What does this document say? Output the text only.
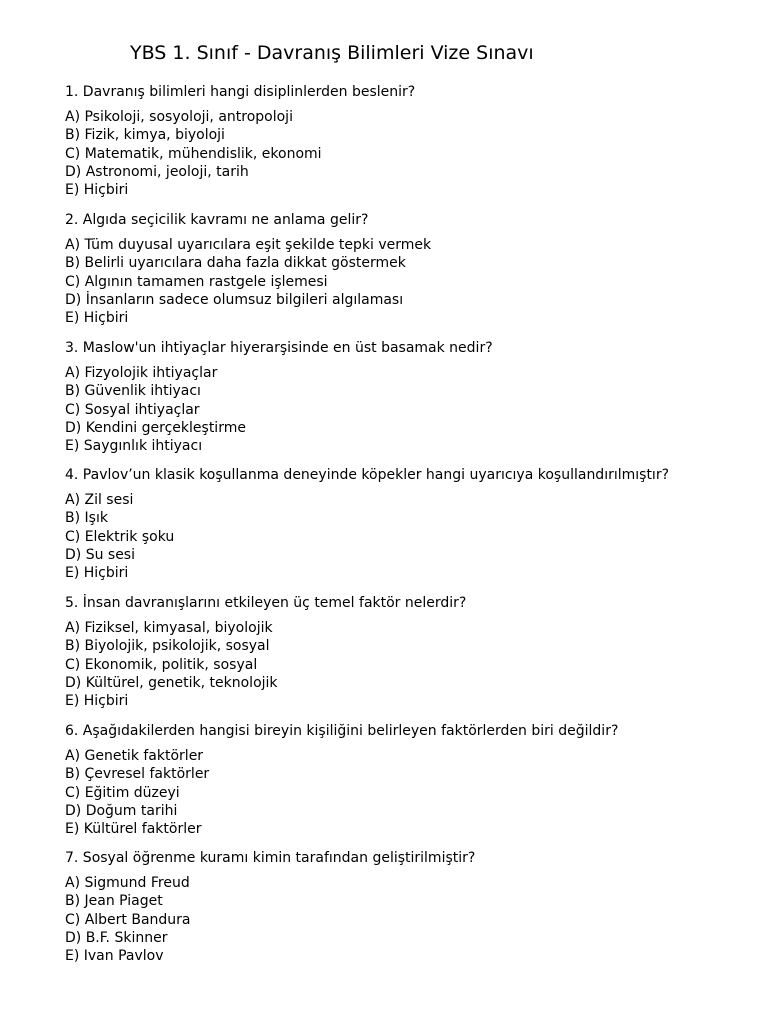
YBS 1. Sınıf - Davranış Bilimleri Vize Sınavı
1. Davranış bilimleri hangi disiplinlerden beslenir?
A) Psikoloji, sosyoloji, antropoloji
B) Fizik, kimya, biyoloji
C) Matematik, mühendislik, ekonomi
D) Astronomi, jeoloji, tarih
E) Hiçbiri
2. Algıda seçicilik kavramı ne anlama gelir?
A) Tüm duyusal uyarıcılara eşit şekilde tepki vermek
B) Belirli uyarıcılara daha fazla dikkat göstermek
C) Algının tamamen rastgele işlemesi
D) İnsanların sadece olumsuz bilgileri algılaması
E) Hiçbiri
3. Maslow'un ihtiyaçlar hiyerarşisinde en üst basamak nedir?
A) Fizyolojik ihtiyaçlar
B) Güvenlik ihtiyacı
C) Sosyal ihtiyaçlar
D) Kendini gerçekleştirme
E) Saygınlık ihtiyacı
4. Pavlov’un klasik koşullanma deneyinde köpekler hangi uyarıcıya koşullandırılmıştır?
A) Zil sesi
B) Işık
C) Elektrik şoku
D) Su sesi
E) Hiçbiri
5. İnsan davranışlarını etkileyen üç temel faktör nelerdir?
A) Fiziksel, kimyasal, biyolojik
B) Biyolojik, psikolojik, sosyal
C) Ekonomik, politik, sosyal
D) Kültürel, genetik, teknolojik
E) Hiçbiri
6. Aşağıdakilerden hangisi bireyin kişiliğini belirleyen faktörlerden biri değildir?
A) Genetik faktörler
B) Çevresel faktörler
C) Eğitim düzeyi
D) Doğum tarihi
E) Kültürel faktörler
7. Sosyal öğrenme kuramı kimin tarafından geliştirilmiştir?
A) Sigmund Freud
B) Jean Piaget
C) Albert Bandura
D) B.F. Skinner
E) Ivan Pavlov
